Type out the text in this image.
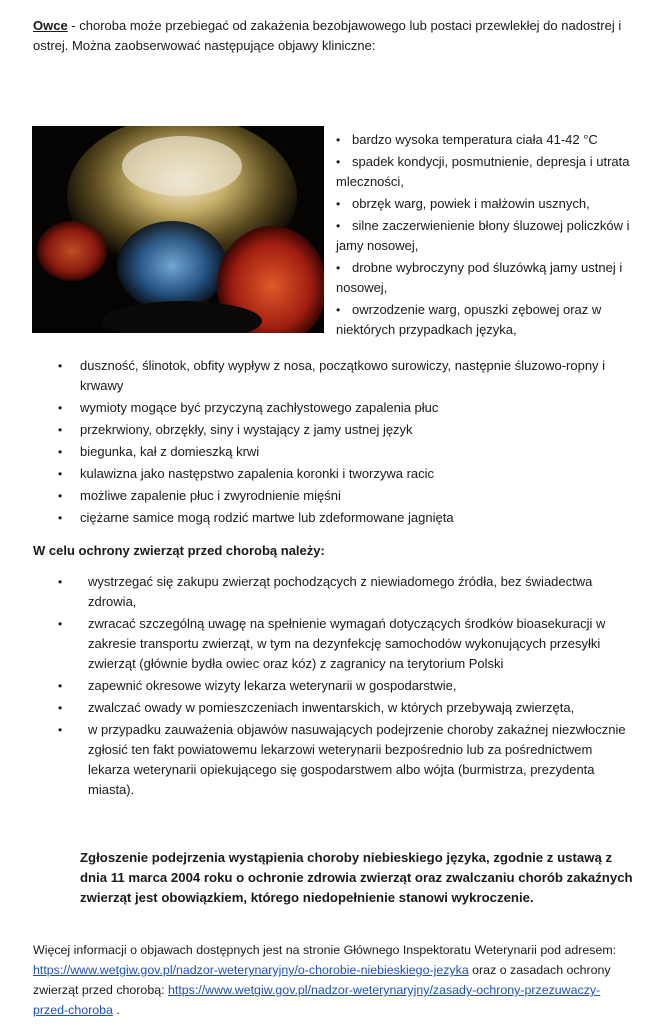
Owce - choroba może przebiegać od zakażenia bezobjawowego lub postaci przewlekłej do nadostrej i ostrej. Można zaobserwować następujące objawy kliniczne:
• bardzo wysoka temperatura ciała 41-42 °C
• spadek kondycji, posmutnienie, depresja i utrata mleczności,
• obrzęk warg, powiek i małżowin usznych,
• silne zaczerwienienie błony śluzowej policzków i jamy nosowej,
• drobne wybroczyny pod śluzówką jamy ustnej i nosowej,
• owrzodzenie warg, opuszki zębowej oraz w niektórych przypadkach języka,
• duszność, ślinotok, obfity wypływ z nosa, początkowo surowiczy, następnie śluzowo-ropny i krwawy
• wymioty mogące być przyczyną zachłystowego zapalenia płuc
• przekrwiony, obrzękły, siny i wystający z jamy ustnej język
• biegunka, kał z domieszką krwi
• kulawizna jako następstwo zapalenia koronki i tworzywa racic
• możliwe zapalenie płuc i zwyrodnienie mięśni
• ciężarne samice mogą rodzić martwe lub zdeformowane jagnięta
W celu ochrony zwierząt przed chorobą należy:
• wystrzegać się zakupu zwierząt pochodzących z niewiadomego źródła, bez świadectwa zdrowia,
• zwracać szczególną uwagę na spełnienie wymagań dotyczących środków bioasekuracji w zakresie transportu zwierząt, w tym na dezynfekcję samochodów wykonujących przesyłki zwierząt (głównie bydła owiec oraz kóz) z zagranicy na terytorium Polski
• zapewnić okresowe wizyty lekarza weterynarii w gospodarstwie,
• zwalczać owady w pomieszczeniach inwentarskich, w których przebywają zwierzęta,
• w przypadku zauważenia objawów nasuwających podejrzenie choroby zakaźnej niezwłocznie zgłosić ten fakt powiatowemu lekarzowi weterynarii bezpośrednio lub za pośrednictwem lekarza weterynarii opiekującego się gospodarstwem albo wójta (burmistrza, prezydenta miasta).
Zgłoszenie podejrzenia wystąpienia choroby niebieskiego języka, zgodnie z ustawą z dnia 11 marca 2004 roku o ochronie zdrowia zwierząt oraz zwalczaniu chorób zakaźnych zwierząt jest obowiązkiem, którego niedopełnienie stanowi wykroczenie.
Więcej informacji o objawach dostępnych jest na stronie Głównego Inspektoratu Weterynarii pod adresem: https://www.wetgiw.gov.pl/nadzor-weterynaryjny/o-chorobie-niebieskiego-jezyka oraz o zasadach ochrony zwierząt przed chorobą: https://www.wetgiw.gov.pl/nadzor-weterynaryjny/zasady-ochrony-przezuwaczy-przed-choroba .
